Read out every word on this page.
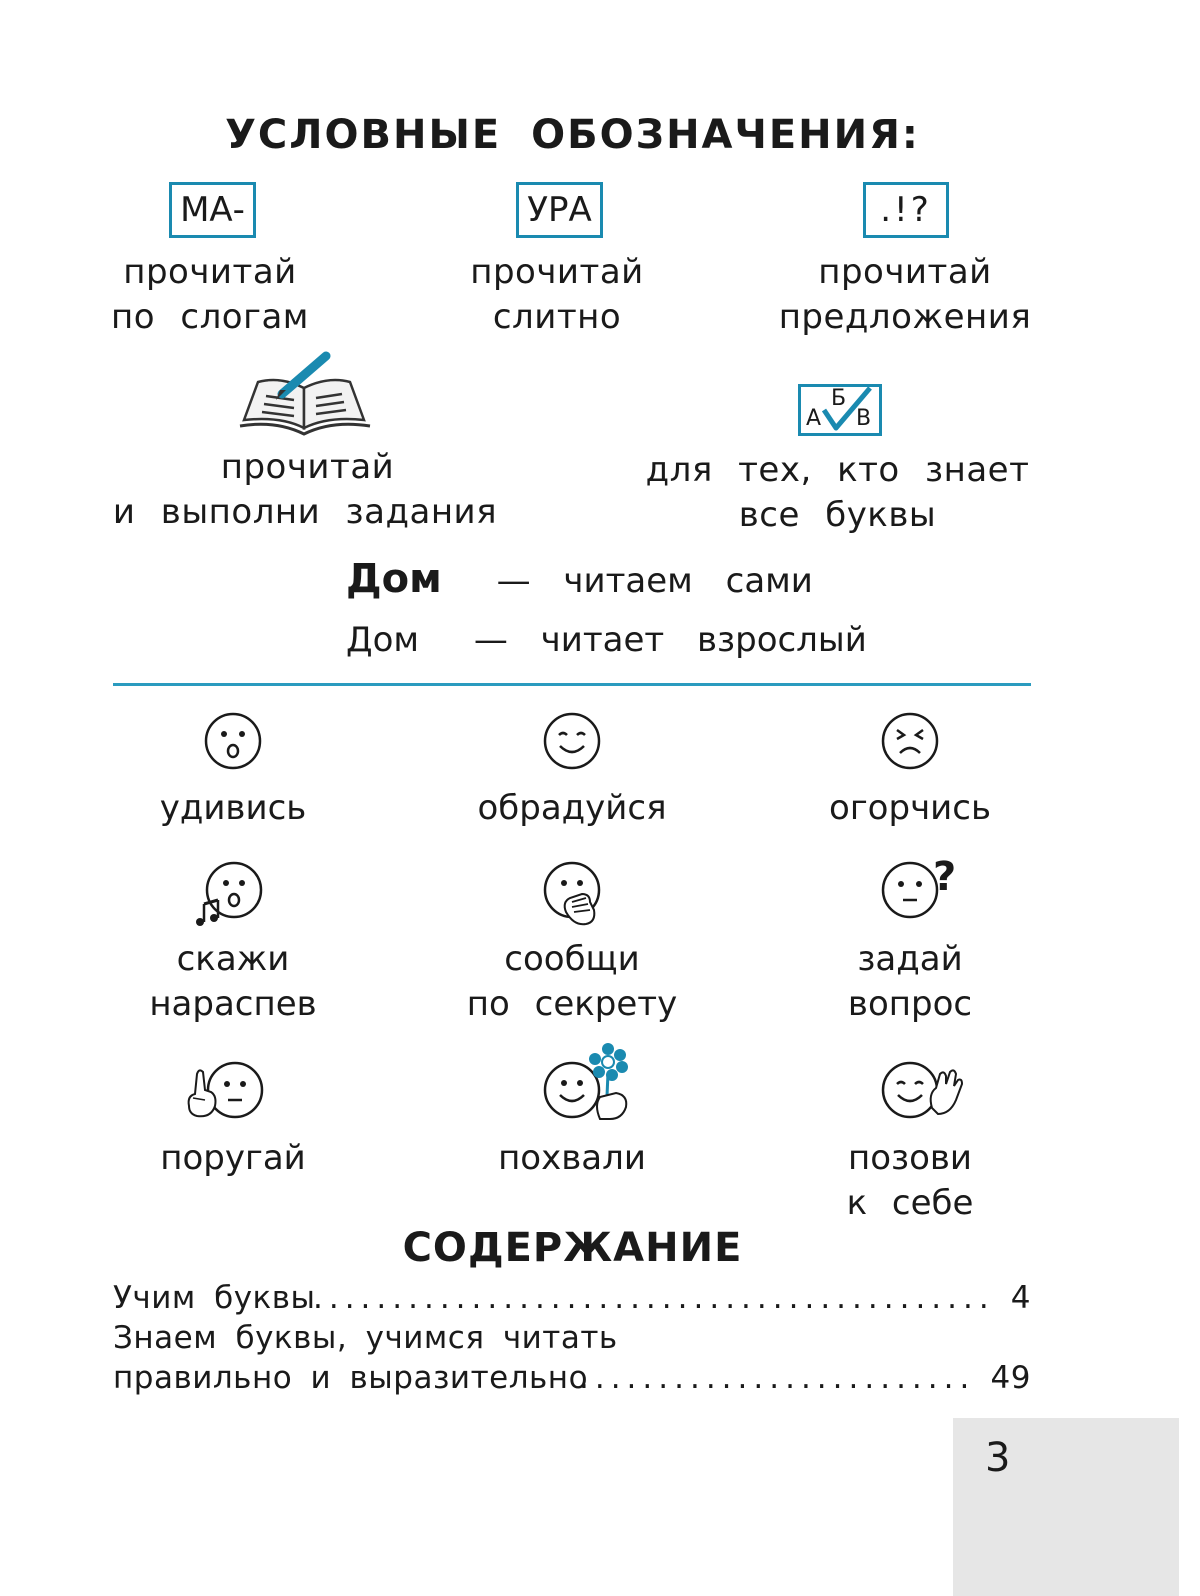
УСЛОВНЫЕ ОБОЗНАЧЕНИЯ:
МА-	УРА	.!?
прочитай
по слогам
прочитай
слитно
прочитай
предложения
А
Б
В
прочитай
и выполни задания
для тех, кто знает
все буквы
Дом — читаем сами
Дом — читает взрослый
удивись	обрадуйся	огорчись
?
скажи
нараспев
сообщи
по секрету
задай
вопрос
поругай	похвали	позови
к себе
СОДЕРЖАНИЕ
Учим буквы
........................................... 4
Знаем буквы, учимся читать
правильно и выразительно
......................... 49
3
